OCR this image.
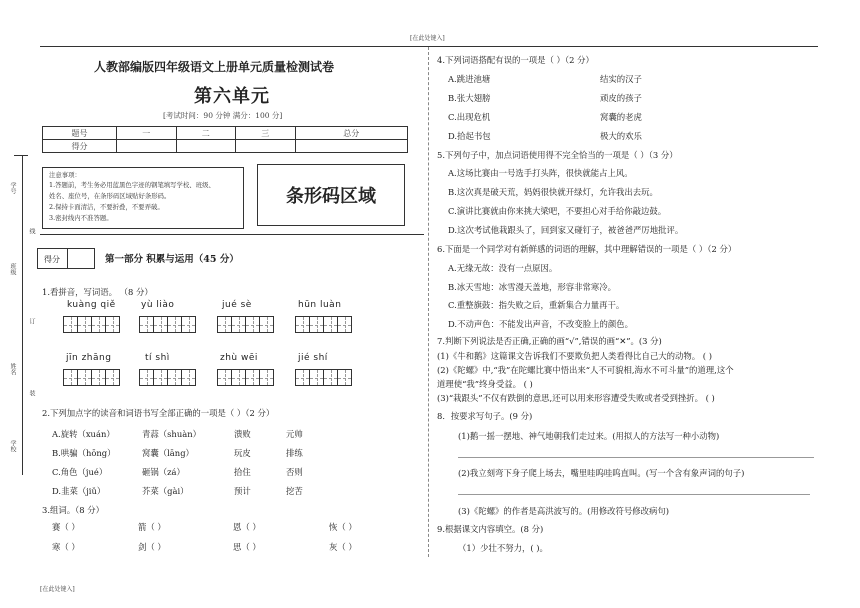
[在此处键入]
[在此处键入]
学号
班级
姓名
学校
线
订
装
人教部编版四年级语文上册单元质量检测试卷
第六单元
[考试时间：90 分钟 满分：100 分]
题号	一	二	三	总分
得分				
注意事项：
1.答题前，考生务必用蓝黑色字迹的钢笔填写学校、班级、
姓名、座位号，在条形码区域贴好条形码。
2.保持卡面清洁，不要折叠，不要弄破。
3.密封线内不准答题。
条形码区域
得分	第一部分 积累与运用（45 分）
1.看拼音，写词语。 （8 分）
kuàng qiě	yù liào	jué sè	hūn luàn
jīn zhāng	tí shì	zhù wēi	jié shí
2.下列加点字的读音和词语书写全部正确的一项是（ ）（2 分）
A.旋转（xuán）	青蒜（shuàn）	溃败	元帅
B.哄骗（hōng）	窝囊（lāng）	玩皮	排练
C.角色（jué）	砸锅（zá）	拾住	否则
D.韭菜（jiǔ）	芥菜（gài）	预计	挖苦
3.组词。（8 分）
赛（ ）	箭（ ）	恩（ ）	恢（ ）
寒（ ）	剑（ ）	思（ ）	灰（ ）
4.下列词语搭配有误的一项是（ ）（2 分）
A.跳进池塘	结实的汉子
B.张大翅膀	顽皮的孩子
C.出现危机	窝囊的老虎
D.拾起书包	极大的欢乐
5.下列句子中，加点词语使用得不完全恰当的一项是（ ）（3 分）
A.这场比赛由一号选手打头阵，很快就能占上风。
B.这次真是破天荒，妈妈很快就开绿灯，允许我出去玩。
C.演讲比赛就由你来挑大梁吧，不要担心对手给你敲边鼓。
D.这次考试他栽跟头了，回到家又碰钉子，被爸爸严厉地批评。
6.下面是一个同学对有新鲜感的词语的理解，其中理解错误的一项是（ ）（2 分）
A.无缘无故：没有一点原因。
B.冰天雪地：冰雪漫天盖地，形容非常寒冷。
C.重整旗鼓：指失败之后，重新集合力量再干。
D.不动声色：不能发出声音，不改变脸上的颜色。
7.判断下列说法是否正确,正确的画“√”,错误的画“✕”。(3 分)
(1)《牛和鹅》这篇课文告诉我们不要欺负把人类看得比自己大的动物。 ( )
(2)《陀螺》中,“我”在陀螺比赛中悟出来“人不可貌相,海水不可斗量”的道理,这个
道理使“我”终身受益。 ( )
(3)“栽跟头”不仅有跌倒的意思,还可以用来形容遭受失败或者受到挫折。 ( )
8．按要求写句子。(9 分)
(1)鹅一摇一摆地、神气地朝我们走过来。(用拟人的方法写一种小动物)
(2)我立刻弯下身子爬上场去，嘴里哇呜哇呜直叫。(写一个含有象声词的句子)
(3)《陀螺》的作者是高洪波写的。(用修改符号修改病句)
9.根据课文内容填空。(8 分)
（1）少壮不努力，( )。
